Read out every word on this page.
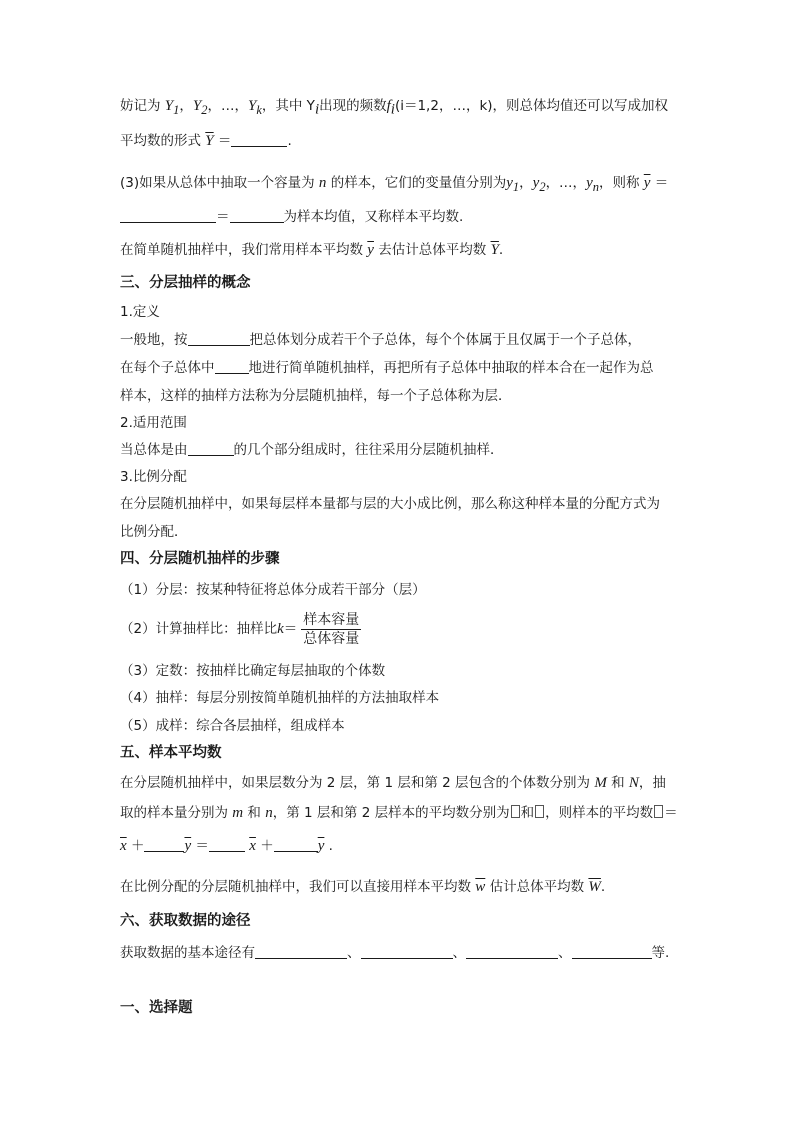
妨记为 $Y_1$，$Y_2$，…，$Y_k$，其中 $Y_i$出现的频数$f_i(i=1,2$，…，k)，则总体均值还可以写成加权
平均数的形式 $\overline{Y}$ ＝	.
(3)如果从总体中抽取一个容量为 n 的样本，它们的变量值分别为$y_1$，$y_2$，…，$y_n$，则称 $\overline{y}$ ＝
＝	为样本均值，又称样本平均数.
在简单随机抽样中，我们常用样本平均数 $\overline{y}$ 去估计总体平均数 $\overline{Y}$.
三、分层抽样的概念
1.定义
一般地，按	把总体划分成若干个子总体，每个个体属于且仅属于一个子总体，
在每个子总体中	地进行简单随机抽样，再把所有子总体中抽取的样本合在一起作为总
样本，这样的抽样方法称为分层随机抽样，每一个子总体称为层．
2.适用范围
当总体是由	的几个部分组成时，往往采用分层随机抽样．
3.比例分配
在分层随机抽样中，如果每层样本量都与层的大小成比例，那么称这种样本量的分配方式为
比例分配．
四、分层随机抽样的步骤
（1）分层：按某种特征将总体分成若干部分（层）
（2）计算抽样比：抽样比$k= \frac{\text{样本容量}}{\text{总体容量}}$
（3）定数：按抽样比确定每层抽取的个体数
（4）抽样：每层分别按简单随机抽样的方法抽取样本
（5）成样：综合各层抽样，组成样本
五、样本平均数
在分层随机抽样中，如果层数分为 2 层，第 1 层和第 2 层包含的个体数分别为 M 和 N，抽
取的样本量分别为 m 和 n，第 1 层和第 2 层样本的平均数分别为 和 ，则样本的平均数 ＝
$\overline{x}$ ＋	$\overline{y}$ ＝	$\overline{x}$ ＋	$\overline{y}$ .
在比例分配的分层随机抽样中，我们可以直接用样本平均数 $\overline{w}$ 估计总体平均数 $\overline{W}$.
六、获取数据的途径
获取数据的基本途径有	、	、	、	等.
一、选择题
